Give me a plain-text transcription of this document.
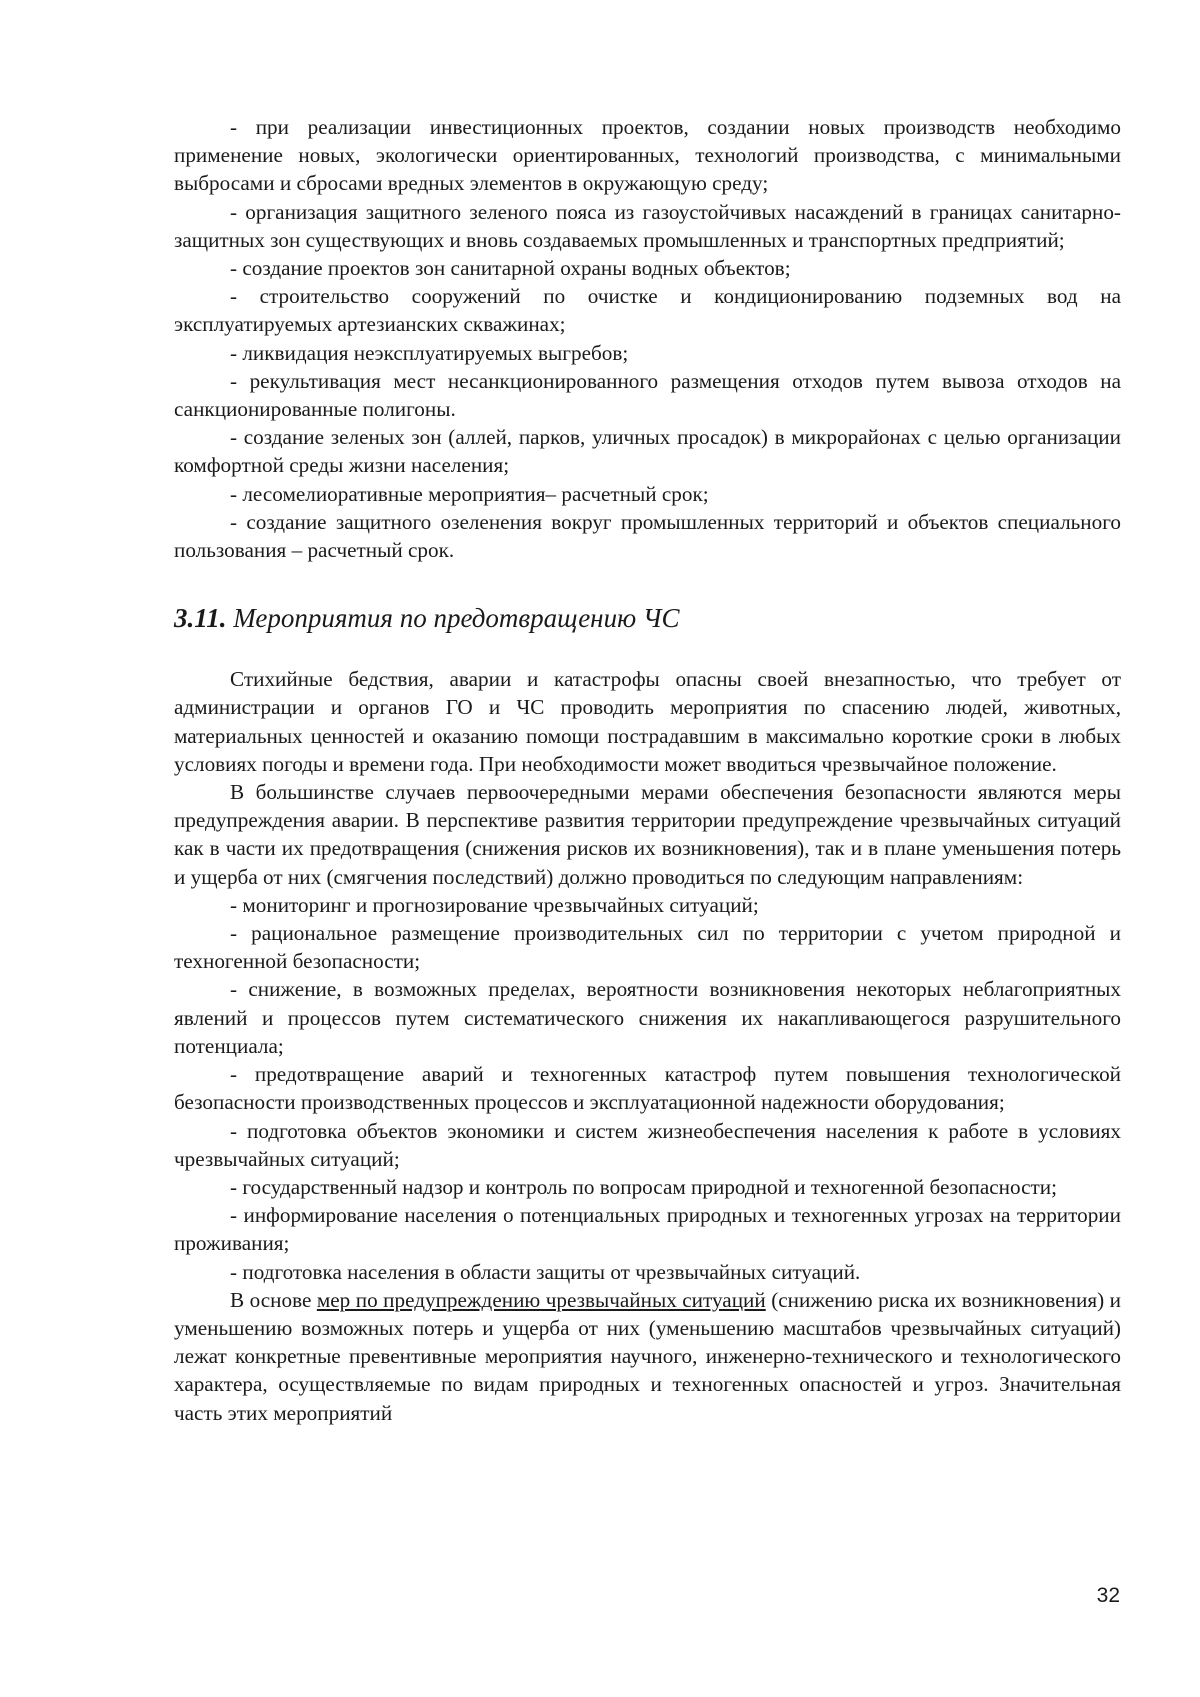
- при реализации инвестиционных проектов, создании новых производств необходимо применение новых, экологически ориентированных, технологий производства, с минимальными выбросами и сбросами вредных элементов в окружающую среду;

- организация защитного зеленого пояса из газоустойчивых насаждений в границах санитарно-защитных зон существующих и вновь создаваемых промышленных и транспортных предприятий;

- создание проектов зон санитарной охраны водных объектов;

- строительство сооружений по очистке и кондиционированию подземных вод на эксплуатируемых артезианских скважинах;

- ликвидация неэксплуатируемых выгребов;

- рекультивация мест несанкционированного размещения отходов путем вывоза отходов на санкционированные полигоны.

- создание зеленых зон (аллей, парков, уличных просадок) в микрорайонах с целью организации комфортной среды жизни населения;

- лесомелиоративные мероприятия– расчетный срок;

- создание защитного озеленения вокруг промышленных территорий и объектов специального пользования – расчетный срок.

3.11. Мероприятия по предотвращению ЧС

Стихийные бедствия, аварии и катастрофы опасны своей внезапностью, что требует от администрации и органов ГО и ЧС проводить мероприятия по спасению людей, животных, материальных ценностей и оказанию помощи пострадавшим в максимально короткие сроки в любых условиях погоды и времени года. При необходимости может вводиться чрезвычайное положение.

В большинстве случаев первоочередными мерами обеспечения безопасности являются меры предупреждения аварии. В перспективе развития территории предупреждение чрезвычайных ситуаций как в части их предотвращения (снижения рисков их возникновения), так и в плане уменьшения потерь и ущерба от них (смягчения последствий) должно проводиться по следующим направлениям:

- мониторинг и прогнозирование чрезвычайных ситуаций;

- рациональное размещение производительных сил по территории с учетом природной и техногенной безопасности;

- снижение, в возможных пределах, вероятности возникновения некоторых неблагоприятных явлений и процессов путем систематического снижения их накапливающегося разрушительного потенциала;

- предотвращение аварий и техногенных катастроф путем повышения технологической безопасности производственных процессов и эксплуатационной надежности оборудования;

- подготовка объектов экономики и систем жизнеобеспечения населения к работе в условиях чрезвычайных ситуаций;

- государственный надзор и контроль по вопросам природной и техногенной безопасности;

- информирование населения о потенциальных природных и техногенных угрозах на территории проживания;

- подготовка населения в области защиты от чрезвычайных ситуаций.

В основе мер по предупреждению чрезвычайных ситуаций (снижению риска их возникновения) и уменьшению возможных потерь и ущерба от них (уменьшению масштабов чрезвычайных ситуаций) лежат конкретные превентивные мероприятия научного, инженерно-технического и технологического характера, осуществляемые по видам природных и техногенных опасностей и угроз. Значительная часть этих мероприятий

32
